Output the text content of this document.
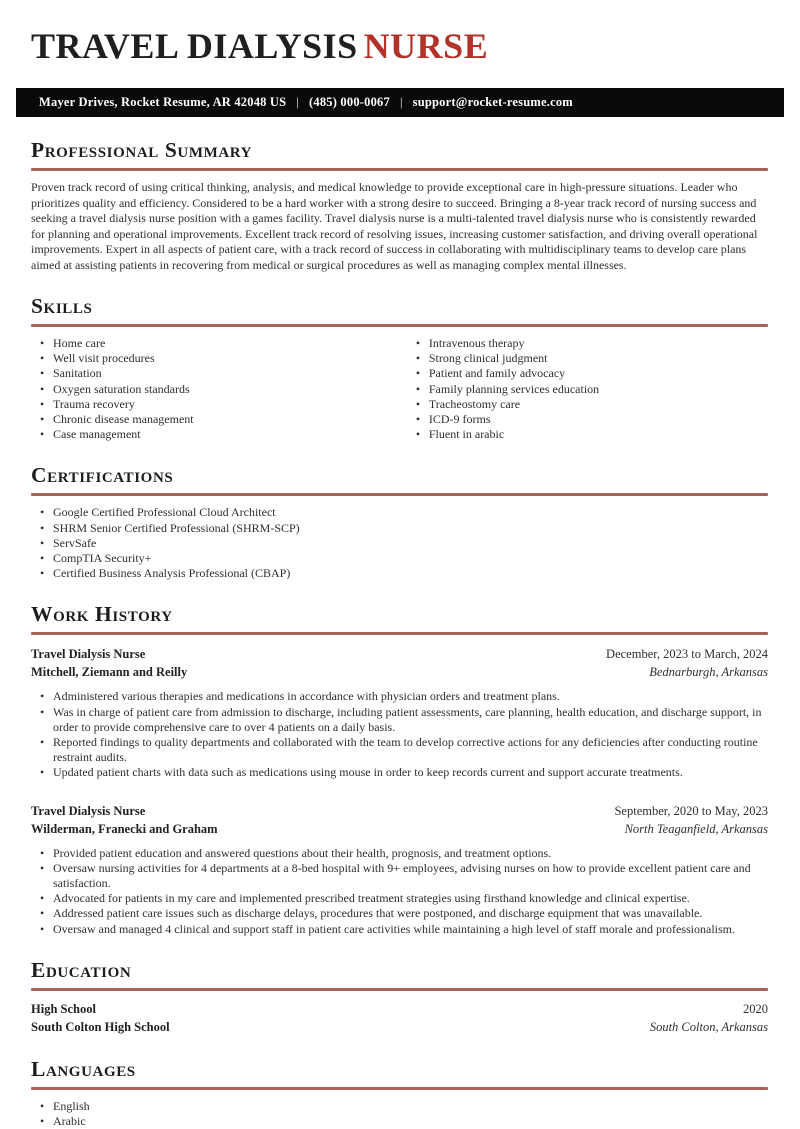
TRAVEL DIALYSIS NURSE
Mayer Drives, Rocket Resume, AR 42048 US | (485) 000-0067 | support@rocket-resume.com
Professional Summary

Proven track record of using critical thinking, analysis, and medical knowledge to provide exceptional care in high-pressure situations. Leader who prioritizes quality and efficiency. Considered to be a hard worker with a strong desire to succeed. Bringing a 8-year track record of nursing success and seeking a travel dialysis nurse position with a games facility. Travel dialysis nurse is a multi-talented travel dialysis nurse who is consistently rewarded for planning and operational improvements. Excellent track record of resolving issues, increasing customer satisfaction, and driving overall operational improvements. Expert in all aspects of patient care, with a track record of success in collaborating with multidisciplinary teams to develop care plans aimed at assisting patients in recovering from medical or surgical procedures as well as managing complex mental illnesses.

Skills
• Home care
• Well visit procedures
• Sanitation
• Oxygen saturation standards
• Trauma recovery
• Chronic disease management
• Case management
• Intravenous therapy
• Strong clinical judgment
• Patient and family advocacy
• Family planning services education
• Tracheostomy care
• ICD-9 forms
• Fluent in arabic
Certifications
• Google Certified Professional Cloud Architect
• SHRM Senior Certified Professional (SHRM-SCP)
• ServSafe
• CompTIA Security+
• Certified Business Analysis Professional (CBAP)
Work History
Travel Dialysis Nurse	December, 2023 to March, 2024
Mitchell, Ziemann and Reilly	Bednarburgh, Arkansas
• Administered various therapies and medications in accordance with physician orders and treatment plans.
• Was in charge of patient care from admission to discharge, including patient assessments, care planning, health education, and discharge support, in order to provide comprehensive care to over 4 patients on a daily basis.
• Reported findings to quality departments and collaborated with the team to develop corrective actions for any deficiencies after conducting routine restraint audits.
• Updated patient charts with data such as medications using mouse in order to keep records current and support accurate treatments.
Travel Dialysis Nurse	September, 2020 to May, 2023
Wilderman, Franecki and Graham	North Teaganfield, Arkansas
• Provided patient education and answered questions about their health, prognosis, and treatment options.
• Oversaw nursing activities for 4 departments at a 8-bed hospital with 9+ employees, advising nurses on how to provide excellent patient care and satisfaction.
• Advocated for patients in my care and implemented prescribed treatment strategies using firsthand knowledge and clinical expertise.
• Addressed patient care issues such as discharge delays, procedures that were postponed, and discharge equipment that was unavailable.
• Oversaw and managed 4 clinical and support staff in patient care activities while maintaining a high level of staff morale and professionalism.
Education
High School	2020
South Colton High School	South Colton, Arkansas
Languages
• English
• Arabic
